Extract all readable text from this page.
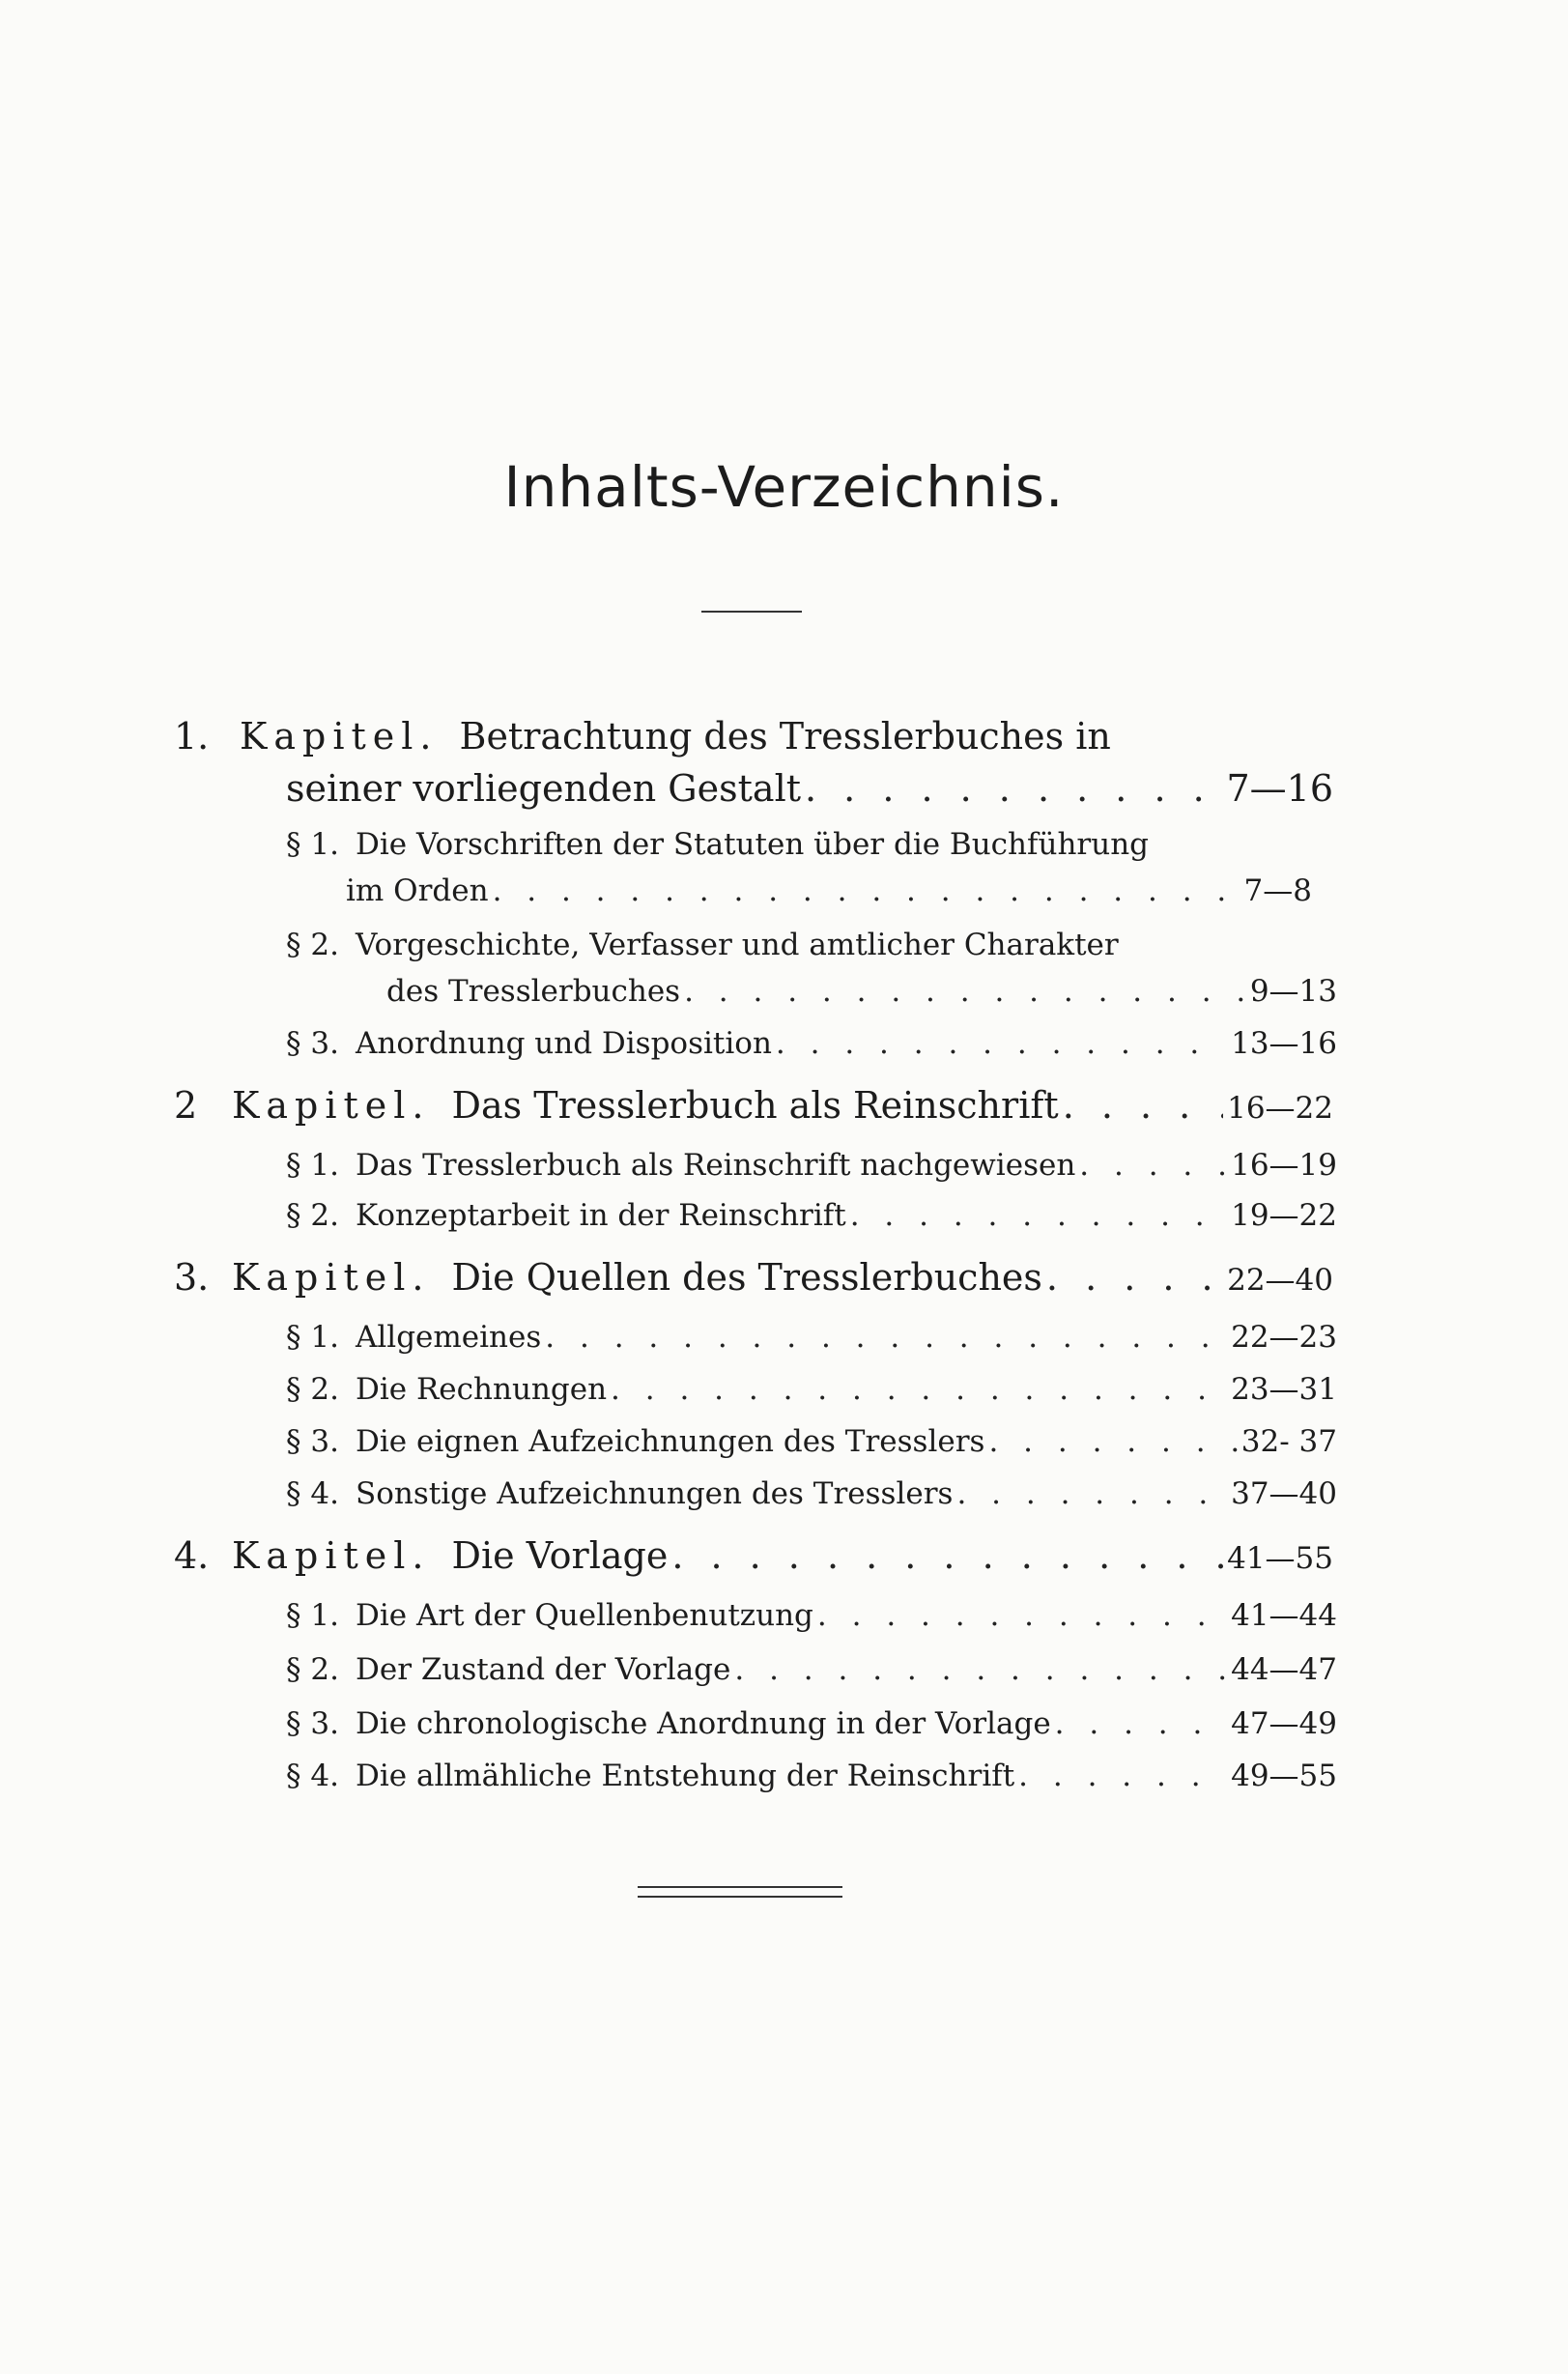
Inhalts-Verzeichnis.
1. Kapitel. Betrachtung des Tresslerbuches in
seiner vorliegenden Gestalt . . .	7—16
§ 1. Die Vorschriften der Statuten über die Buchführung
im Orden . . .	7—8
§ 2. Vorgeschichte, Verfasser und amtlicher Charakter
des Tresslerbuches . . .	9—13
§ 3. Anordnung und Disposition . . .	13—16
2 Kapitel. Das Tresslerbuch als Reinschrift . . .	16—22
§ 1. Das Tresslerbuch als Reinschrift nachgewiesen . . .	16—19
§ 2. Konzeptarbeit in der Reinschrift . . .	19—22
3. Kapitel. Die Quellen des Tresslerbuches . . .	22—40
§ 1. Allgemeines . . .	22—23
§ 2. Die Rechnungen . . .	23—31
§ 3. Die eignen Aufzeichnungen des Tresslers . . .	32- 37
§ 4. Sonstige Aufzeichnungen des Tresslers . . .	37—40
4. Kapitel. Die Vorlage . . .	41—55
§ 1. Die Art der Quellenbenutzung . . .	41—44
§ 2. Der Zustand der Vorlage . . .	44—47
§ 3. Die chronologische Anordnung in der Vorlage . . .	47—49
§ 4. Die allmähliche Entstehung der Reinschrift . . .	49—55
